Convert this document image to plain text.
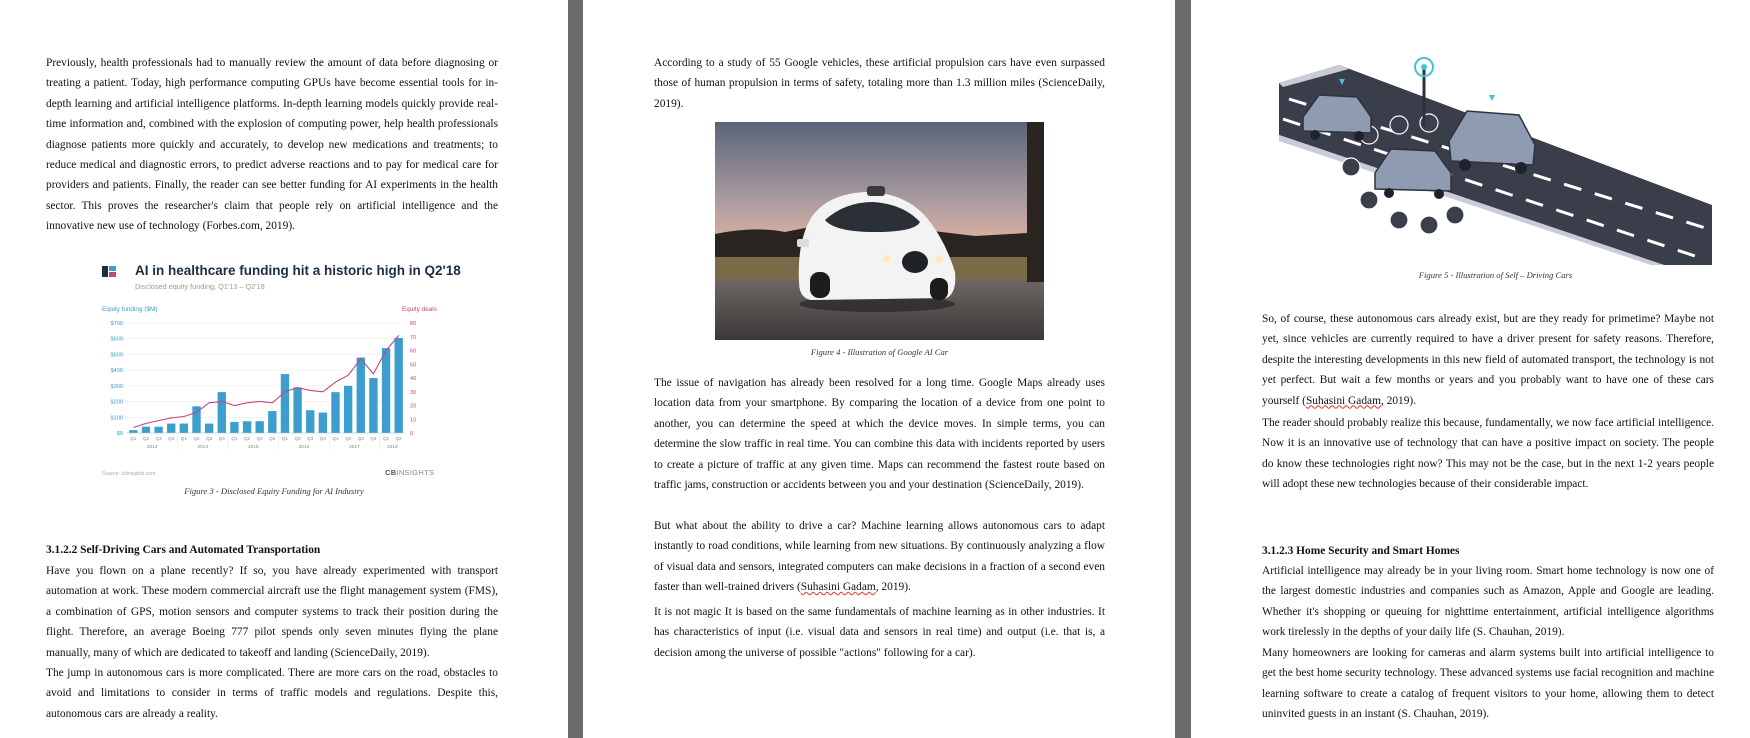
Previously, health professionals had to manually review the amount of data before diagnosing or treating a patient. Today, high performance computing GPUs have become essential tools for in-depth learning and artificial intelligence platforms. In-depth learning models quickly provide real-time information and, combined with the explosion of computing power, help health professionals diagnose patients more quickly and accurately, to develop new medications and treatments; to reduce medical and diagnostic errors, to predict adverse reactions and to pay for medical care for providers and patients. Finally, the reader can see better funding for AI experiments in the health sector. This proves the researcher's claim that people rely on artificial intelligence and the innovative new use of technology (Forbes.com, 2019).

AI in healthcare funding hit a historic high in Q2'18
Disclosed equity funding, Q1'13 – Q2'18
Equity funding ($M)	Equity deals
$700
$600
$500
$400
$300
$200
$100
$0
80
70
60
50
40
30
20
10
0
Q1 Q2 Q3 Q4 Q1 Q2 Q3 Q4 Q1 Q2 Q3 Q4 Q1 Q2 Q3 Q4 Q1 Q2 Q3 Q4 Q1 Q2
2013	2014	2015	2016	2017	2018
Source: cbinsights.com	CBINSIGHTS

Figure 3 - Disclosed Equity Funding for AI Industry

3.1.2.2 Self-Driving Cars and Automated Transportation

Have you flown on a plane recently? If so, you have already experimented with transport automation at work. These modern commercial aircraft use the flight management system (FMS), a combination of GPS, motion sensors and computer systems to track their position during the flight. Therefore, an average Boeing 777 pilot spends only seven minutes flying the plane manually, many of which are dedicated to takeoff and landing (ScienceDaily, 2019).

The jump in autonomous cars is more complicated. There are more cars on the road, obstacles to avoid and limitations to consider in terms of traffic models and regulations. Despite this, autonomous cars are already a reality.

According to a study of 55 Google vehicles, these artificial propulsion cars have even surpassed those of human propulsion in terms of safety, totaling more than 1.3 million miles (ScienceDaily, 2019).

Figure 4 - Illustration of Google AI Car

The issue of navigation has already been resolved for a long time. Google Maps already uses location data from your smartphone. By comparing the location of a device from one point to another, you can determine the speed at which the device moves. In simple terms, you can determine the slow traffic in real time. You can combine this data with incidents reported by users to create a picture of traffic at any given time. Maps can recommend the fastest route based on traffic jams, construction or accidents between you and your destination (ScienceDaily, 2019).

But what about the ability to drive a car? Machine learning allows autonomous cars to adapt instantly to road conditions, while learning from new situations. By continuously analyzing a flow of visual data and sensors, integrated computers can make decisions in a fraction of a second even faster than well-trained drivers (Suhasini Gadam, 2019).

It is not magic It is based on the same fundamentals of machine learning as in other industries. It has characteristics of input (i.e. visual data and sensors in real time) and output (i.e. that is, a decision among the universe of possible "actions" following for a car).

Figure 5 - Illustration of Self – Driving Cars

So, of course, these autonomous cars already exist, but are they ready for primetime? Maybe not yet, since vehicles are currently required to have a driver present for safety reasons. Therefore, despite the interesting developments in this new field of automated transport, the technology is not yet perfect. But wait a few months or years and you probably want to have one of these cars yourself (Suhasini Gadam, 2019).

The reader should probably realize this because, fundamentally, we now face artificial intelligence. Now it is an innovative use of technology that can have a positive impact on society. The people do know these technologies right now? This may not be the case, but in the next 1-2 years people will adopt these new technologies because of their considerable impact.

3.1.2.3 Home Security and Smart Homes

Artificial intelligence may already be in your living room. Smart home technology is now one of the largest domestic industries and companies such as Amazon, Apple and Google are leading. Whether it's shopping or queuing for nighttime entertainment, artificial intelligence algorithms work tirelessly in the depths of your daily life (S. Chauhan, 2019).

Many homeowners are looking for cameras and alarm systems built into artificial intelligence to get the best home security technology. These advanced systems use facial recognition and machine learning software to create a catalog of frequent visitors to your home, allowing them to detect uninvited guests in an instant (S. Chauhan, 2019).
